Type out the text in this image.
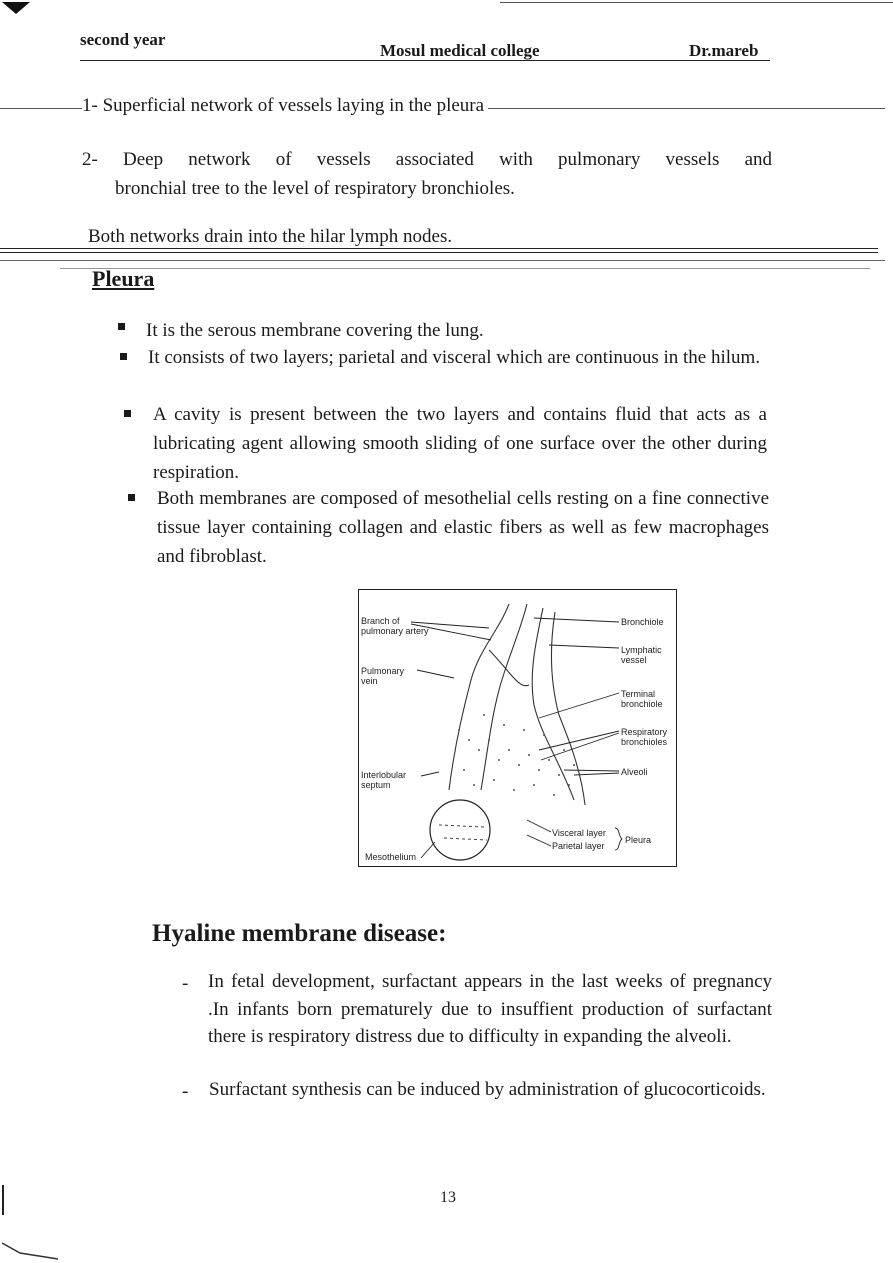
second year
Mosul medical college	Dr.mareb
1- Superficial network of vessels laying in the pleura
2- Deep network of vessels associated with pulmonary vessels and
bronchial tree to the level of respiratory bronchioles.
Both networks drain into the hilar lymph nodes.
Pleura
It is the serous membrane covering the lung.
It consists of two layers; parietal and visceral which are continuous in the hilum.
A cavity is present between the two layers and contains fluid that acts as a lubricating agent allowing smooth sliding of one surface over the other during respiration.
Both membranes are composed of mesothelial cells resting on a fine connective tissue layer containing collagen and elastic fibers as well as few macrophages and fibroblast.
Branch of
pulmonary artery
Pulmonary
vein
Interlobular
septum
Mesothelium
Bronchiole
Lymphatic
vessel
Terminal
bronchiole
Respiratory
bronchioles
Alveoli
Visceral layer
Parietal layer
Pleura
Hyaline membrane disease:
- In fetal development, surfactant appears in the last weeks of pregnancy .In infants born prematurely due to insuffient production of surfactant there is respiratory distress due to difficulty in expanding the alveoli.
- Surfactant synthesis can be induced by administration of glucocorticoids.
13
